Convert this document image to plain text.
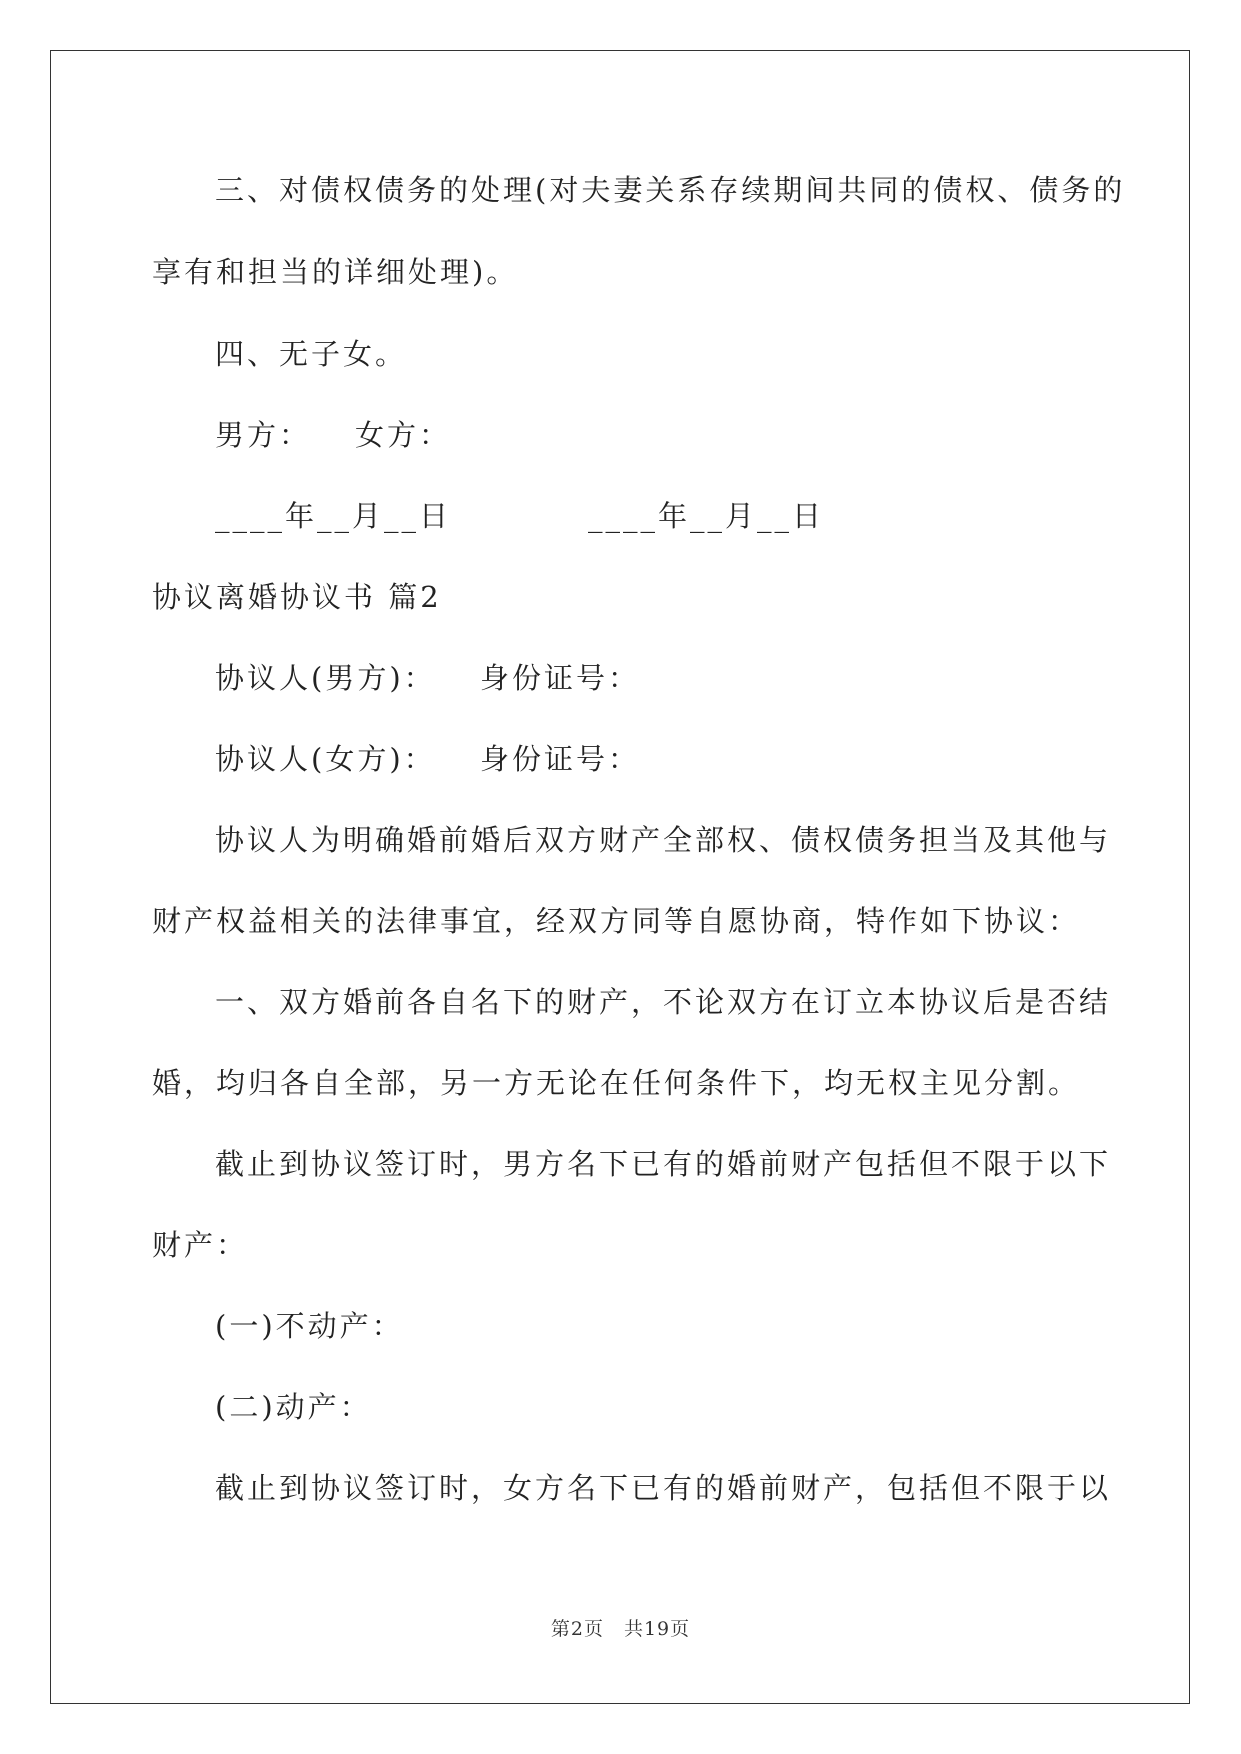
三、对债权债务的处理(对夫妻关系存续期间共同的债权、债务的
享有和担当的详细处理)。
四、无子女。
男方： 女方：
____年__月__日	____年__月__日
协议离婚协议书 篇2
协议人(男方)： 身份证号：
协议人(女方)： 身份证号：
协议人为明确婚前婚后双方财产全部权、债权债务担当及其他与
财产权益相关的法律事宜，经双方同等自愿协商，特作如下协议：
一、双方婚前各自名下的财产，不论双方在订立本协议后是否结
婚，均归各自全部，另一方无论在任何条件下，均无权主见分割。
截止到协议签订时，男方名下已有的婚前财产包括但不限于以下
财产：
(一)不动产：
(二)动产：
截止到协议签订时，女方名下已有的婚前财产，包括但不限于以
第2页　共19页
